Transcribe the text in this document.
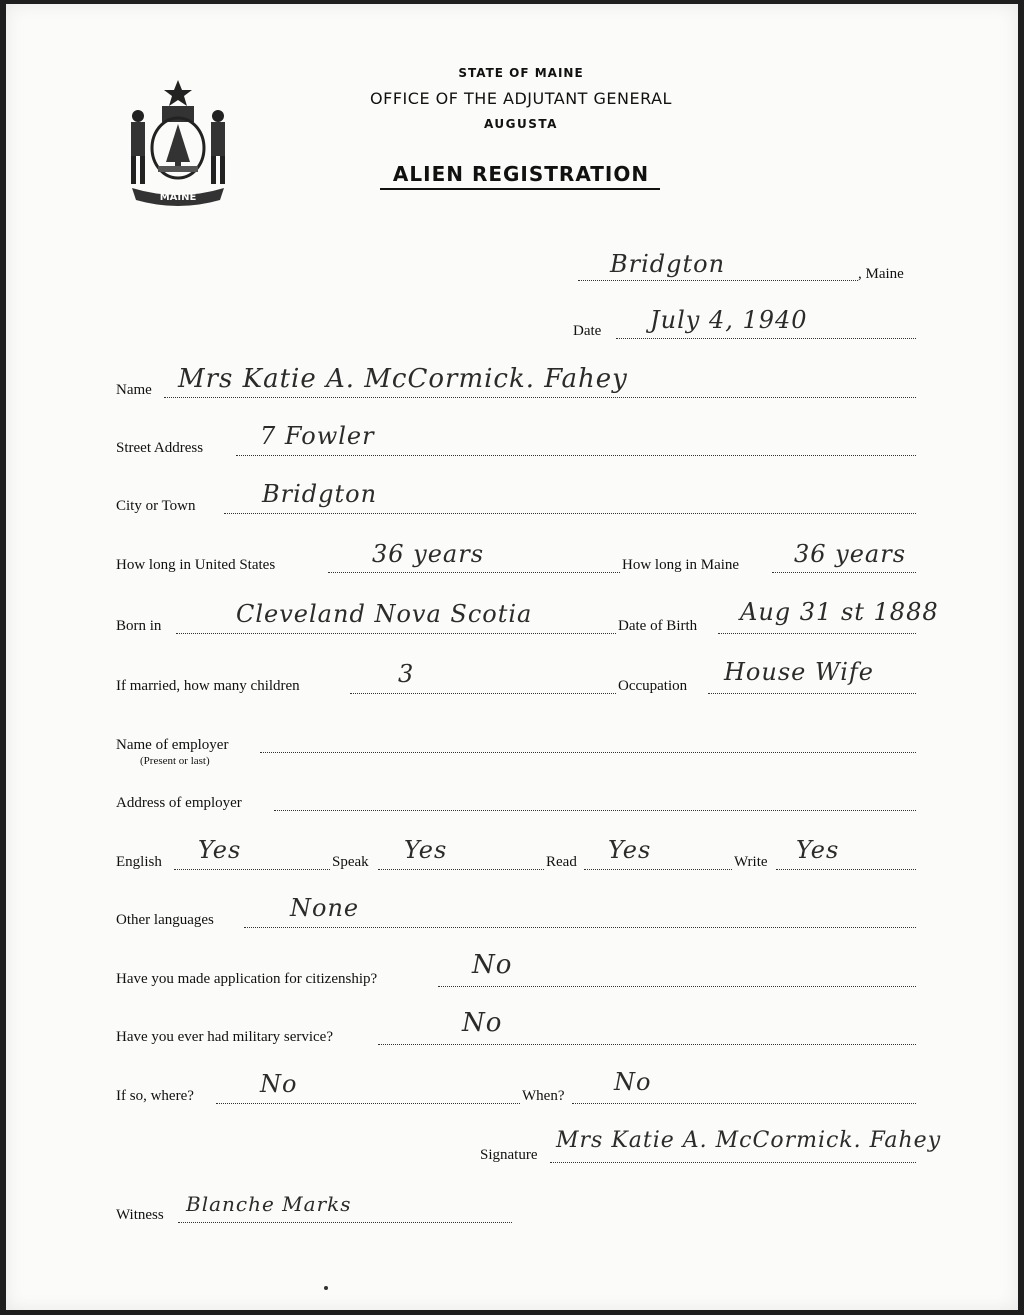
MAINE
STATE OF MAINE
OFFICE OF THE ADJUTANT GENERAL
AUGUSTA
ALIEN REGISTRATION
Bridgton	, Maine
Date July 4, 1940
Name Mrs Katie A. McCormick. Fahey
Street Address 7 Fowler
City or Town	Bridgton
How long in United States	36 years	How long in Maine 36 years
Born in	Cleveland Nova Scotia	Date of Birth Aug 31 st 1888
If married, how many children	3	Occupation House Wife
Name of employer
(Present or last)
Address of employer
English Yes	Speak Yes	Read Yes	Write Yes
Other languages	None
Have you made application for citizenship?	No
Have you ever had military service?	No
If so, where?	No	When? No
Signature
Mrs Katie A. McCormick. Fahey
Witness Blanche Marks
